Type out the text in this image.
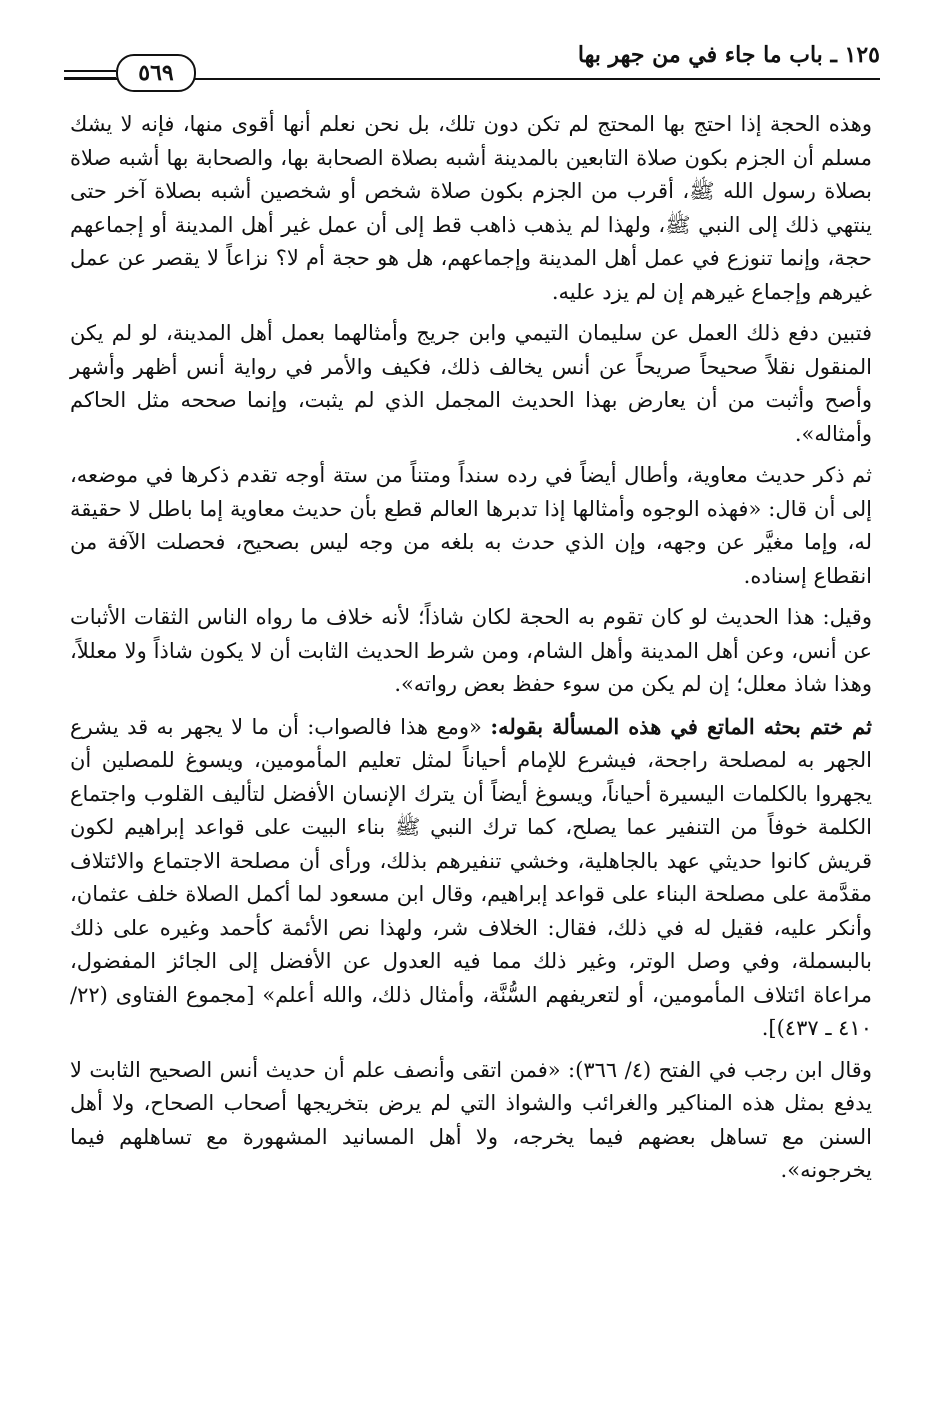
١٢٥ ـ باب ما جاء في من جهر بها
٥٦٩

وهذه الحجة إذا احتج بها المحتج لم تكن دون تلك، بل نحن نعلم أنها أقوى منها، فإنه لا يشك مسلم أن الجزم بكون صلاة التابعين بالمدينة أشبه بصلاة الصحابة بها، والصحابة بها أشبه صلاة بصلاة رسول الله ﷺ، أقرب من الجزم بكون صلاة شخص أو شخصين أشبه بصلاة آخر حتى ينتهي ذلك إلى النبي ﷺ، ولهذا لم يذهب ذاهب قط إلى أن عمل غير أهل المدينة أو إجماعهم حجة، وإنما تنوزع في عمل أهل المدينة وإجماعهم، هل هو حجة أم لا؟ نزاعاً لا يقصر عن عمل غيرهم وإجماع غيرهم إن لم يزد عليه.

فتبين دفع ذلك العمل عن سليمان التيمي وابن جريج وأمثالهما بعمل أهل المدينة، لو لم يكن المنقول نقلاً صحيحاً صريحاً عن أنس يخالف ذلك، فكيف والأمر في رواية أنس أظهر وأشهر وأصح وأثبت من أن يعارض بهذا الحديث المجمل الذي لم يثبت، وإنما صححه مثل الحاكم وأمثاله».

ثم ذكر حديث معاوية، وأطال أيضاً في رده سنداً ومتناً من ستة أوجه تقدم ذكرها في موضعه، إلى أن قال: «فهذه الوجوه وأمثالها إذا تدبرها العالم قطع بأن حديث معاوية إما باطل لا حقيقة له، وإما مغيَّر عن وجهه، وإن الذي حدث به بلغه من وجه ليس بصحيح، فحصلت الآفة من انقطاع إسناده.

وقيل: هذا الحديث لو كان تقوم به الحجة لكان شاذاً؛ لأنه خلاف ما رواه الناس الثقات الأثبات عن أنس، وعن أهل المدينة وأهل الشام، ومن شرط الحديث الثابت أن لا يكون شاذاً ولا معللاً، وهذا شاذ معلل؛ إن لم يكن من سوء حفظ بعض رواته».

ثم ختم بحثه الماتع في هذه المسألة بقوله: «ومع هذا فالصواب: أن ما لا يجهر به قد يشرع الجهر به لمصلحة راجحة، فيشرع للإمام أحياناً لمثل تعليم المأمومين، ويسوغ للمصلين أن يجهروا بالكلمات اليسيرة أحياناً، ويسوغ أيضاً أن يترك الإنسان الأفضل لتأليف القلوب واجتماع الكلمة خوفاً من التنفير عما يصلح، كما ترك النبي ﷺ بناء البيت على قواعد إبراهيم لكون قريش كانوا حديثي عهد بالجاهلية، وخشي تنفيرهم بذلك، ورأى أن مصلحة الاجتماع والائتلاف مقدَّمة على مصلحة البناء على قواعد إبراهيم، وقال ابن مسعود لما أكمل الصلاة خلف عثمان، وأنكر عليه، فقيل له في ذلك، فقال: الخلاف شر، ولهذا نص الأئمة كأحمد وغيره على ذلك بالبسملة، وفي وصل الوتر، وغير ذلك مما فيه العدول عن الأفضل إلى الجائز المفضول، مراعاة ائتلاف المأمومين، أو لتعريفهم السُّنَّة، وأمثال ذلك، والله أعلم» [مجموع الفتاوى (٢٢/ ٤١٠ ـ ٤٣٧)].

وقال ابن رجب في الفتح (٤/ ٣٦٦): «فمن اتقى وأنصف علم أن حديث أنس الصحيح الثابت لا يدفع بمثل هذه المناكير والغرائب والشواذ التي لم يرض بتخريجها أصحاب الصحاح، ولا أهل السنن مع تساهل بعضهم فيما يخرجه، ولا أهل المسانيد المشهورة مع تساهلهم فيما يخرجونه».
